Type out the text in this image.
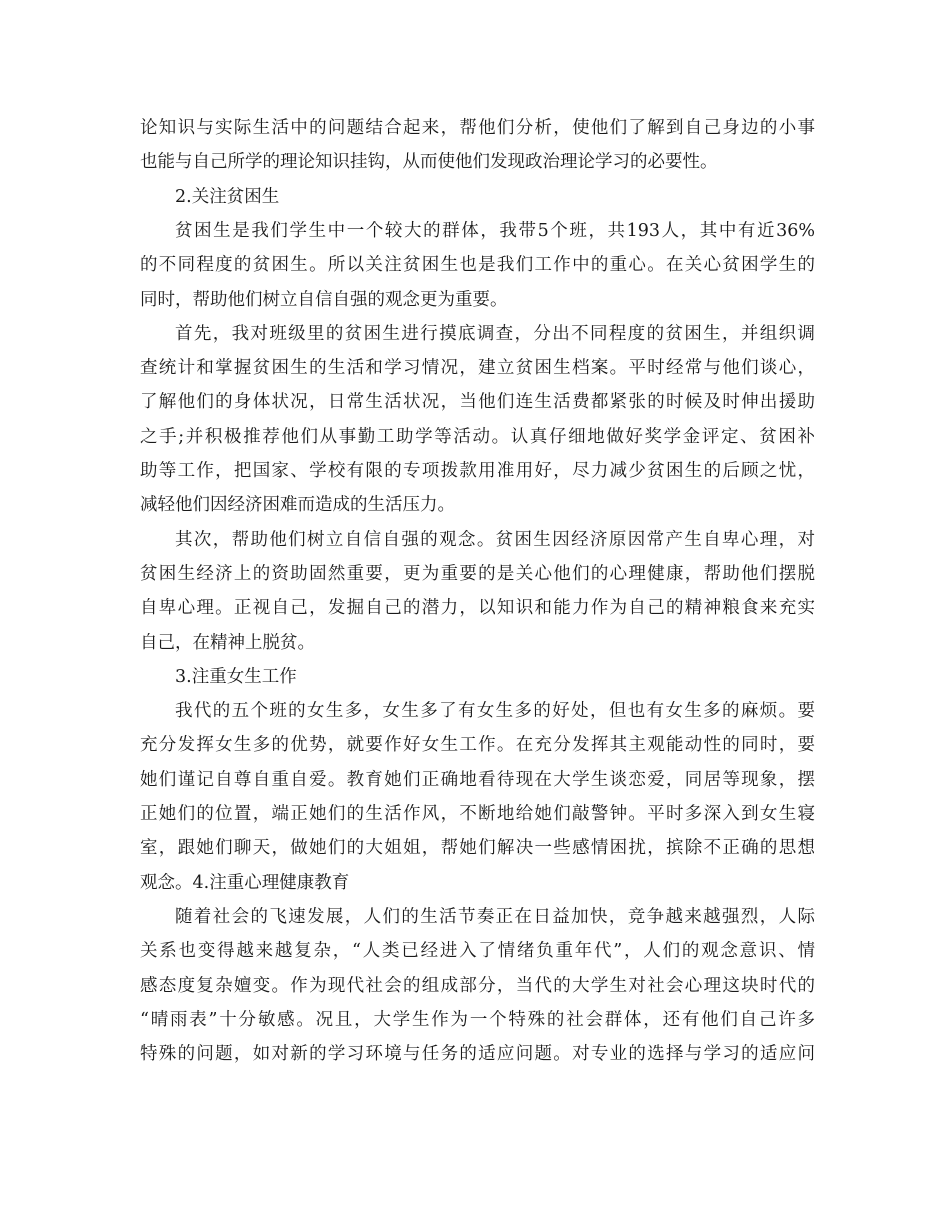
论知识与实际生活中的问题结合起来，帮他们分析，使他们了解到自己身边的小事
也能与自己所学的理论知识挂钩，从而使他们发现政治理论学习的必要性。
2.关注贫困生
贫困生是我们学生中一个较大的群体，我带5个班，共193人，其中有近36%
的不同程度的贫困生。所以关注贫困生也是我们工作中的重心。在关心贫困学生的
同时，帮助他们树立自信自强的观念更为重要。
首先，我对班级里的贫困生进行摸底调查，分出不同程度的贫困生，并组织调
查统计和掌握贫困生的生活和学习情况，建立贫困生档案。平时经常与他们谈心，
了解他们的身体状况，日常生活状况，当他们连生活费都紧张的时候及时伸出援助
之手;并积极推荐他们从事勤工助学等活动。认真仔细地做好奖学金评定、贫困补
助等工作，把国家、学校有限的专项拨款用准用好，尽力减少贫困生的后顾之忧，
减轻他们因经济困难而造成的生活压力。
其次，帮助他们树立自信自强的观念。贫困生因经济原因常产生自卑心理，对
贫困生经济上的资助固然重要，更为重要的是关心他们的心理健康，帮助他们摆脱
自卑心理。正视自己，发掘自己的潜力，以知识和能力作为自己的精神粮食来充实
自己，在精神上脱贫。
3.注重女生工作
我代的五个班的女生多，女生多了有女生多的好处，但也有女生多的麻烦。要
充分发挥女生多的优势，就要作好女生工作。在充分发挥其主观能动性的同时，要
她们谨记自尊自重自爱。教育她们正确地看待现在大学生谈恋爱，同居等现象，摆
正她们的位置，端正她们的生活作风，不断地给她们敲警钟。平时多深入到女生寝
室，跟她们聊天，做她们的大姐姐，帮她们解决一些感情困扰，摈除不正确的思想
观念。4.注重心理健康教育
随着社会的飞速发展，人们的生活节奏正在日益加快，竞争越来越强烈，人际
关系也变得越来越复杂，“人类已经进入了情绪负重年代”，人们的观念意识、情
感态度复杂嬗变。作为现代社会的组成部分，当代的大学生对社会心理这块时代的
“晴雨表”十分敏感。况且，大学生作为一个特殊的社会群体，还有他们自己许多
特殊的问题，如对新的学习环境与任务的适应问题。对专业的选择与学习的适应问
